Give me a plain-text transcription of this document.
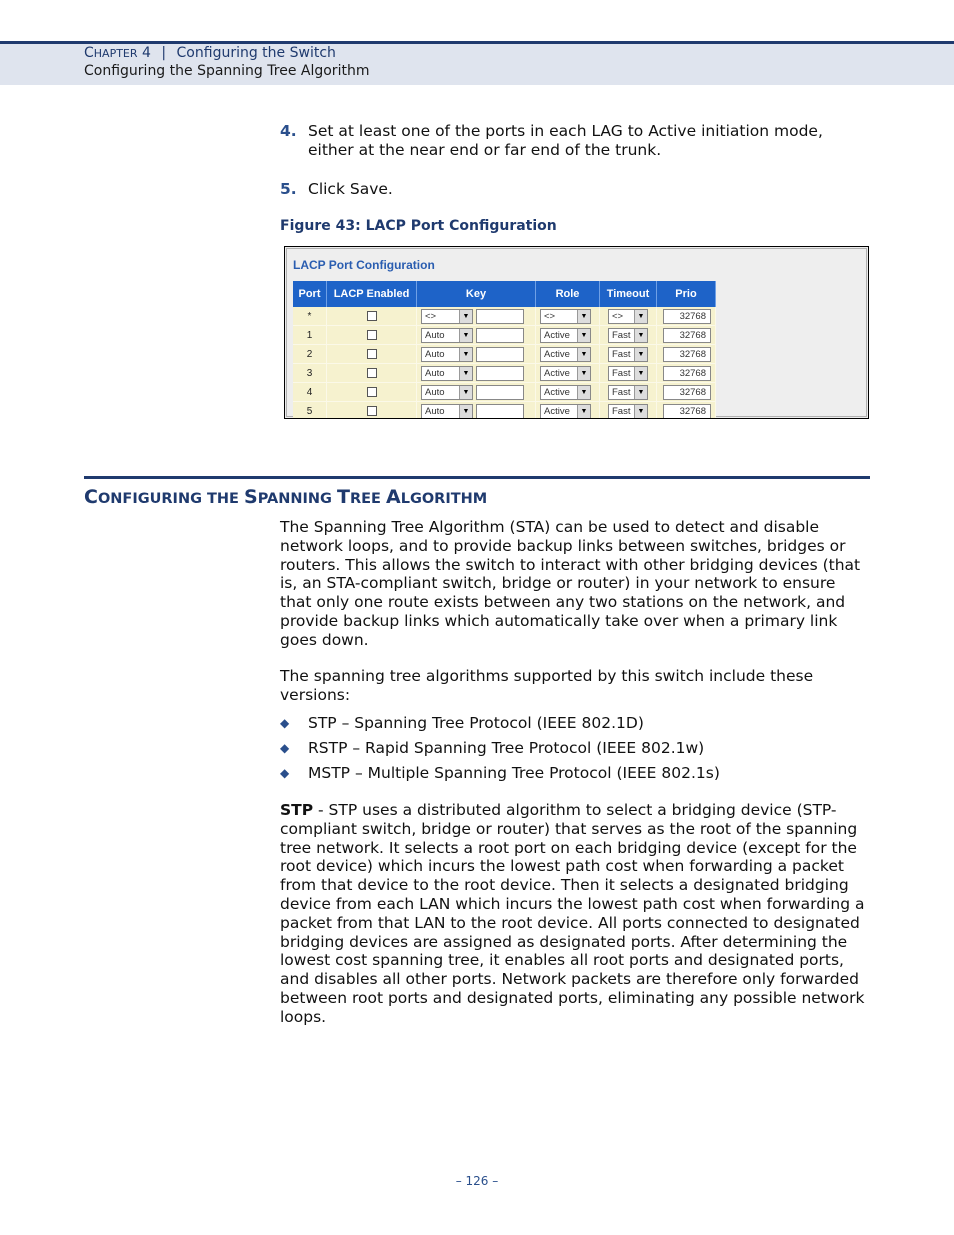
CHAPTER 4 | Configuring the Switch
Configuring the Spanning Tree Algorithm
4. Set at least one of the ports in each LAG to Active initiation mode, either at the near end or far end of the trunk.
5. Click Save.
Figure 43: LACP Port Configuration
LACP Port Configuration
Port	LACP Enabled	Key	Role	Timeout	Prio
*		<> ▼	<> ▼	<> ▼	32768
1		Auto ▼	Active ▼	Fast ▼	32768
2		Auto ▼	Active ▼	Fast ▼	32768
3		Auto ▼	Active ▼	Fast ▼	32768
4		Auto ▼	Active ▼	Fast ▼	32768
5		Auto ▼	Active ▼	Fast ▼	32768
CONFIGURING THE SPANNING TREE ALGORITHM
The Spanning Tree Algorithm (STA) can be used to detect and disable network loops, and to provide backup links between switches, bridges or routers. This allows the switch to interact with other bridging devices (that is, an STA-compliant switch, bridge or router) in your network to ensure that only one route exists between any two stations on the network, and provide backup links which automatically take over when a primary link goes down.
The spanning tree algorithms supported by this switch include these versions:
◆ STP – Spanning Tree Protocol (IEEE 802.1D)
◆ RSTP – Rapid Spanning Tree Protocol (IEEE 802.1w)
◆ MSTP – Multiple Spanning Tree Protocol (IEEE 802.1s)
STP - STP uses a distributed algorithm to select a bridging device (STP-compliant switch, bridge or router) that serves as the root of the spanning tree network. It selects a root port on each bridging device (except for the root device) which incurs the lowest path cost when forwarding a packet from that device to the root device. Then it selects a designated bridging device from each LAN which incurs the lowest path cost when forwarding a packet from that LAN to the root device. All ports connected to designated bridging devices are assigned as designated ports. After determining the lowest cost spanning tree, it enables all root ports and designated ports, and disables all other ports. Network packets are therefore only forwarded between root ports and designated ports, eliminating any possible network loops.
– 126 –
